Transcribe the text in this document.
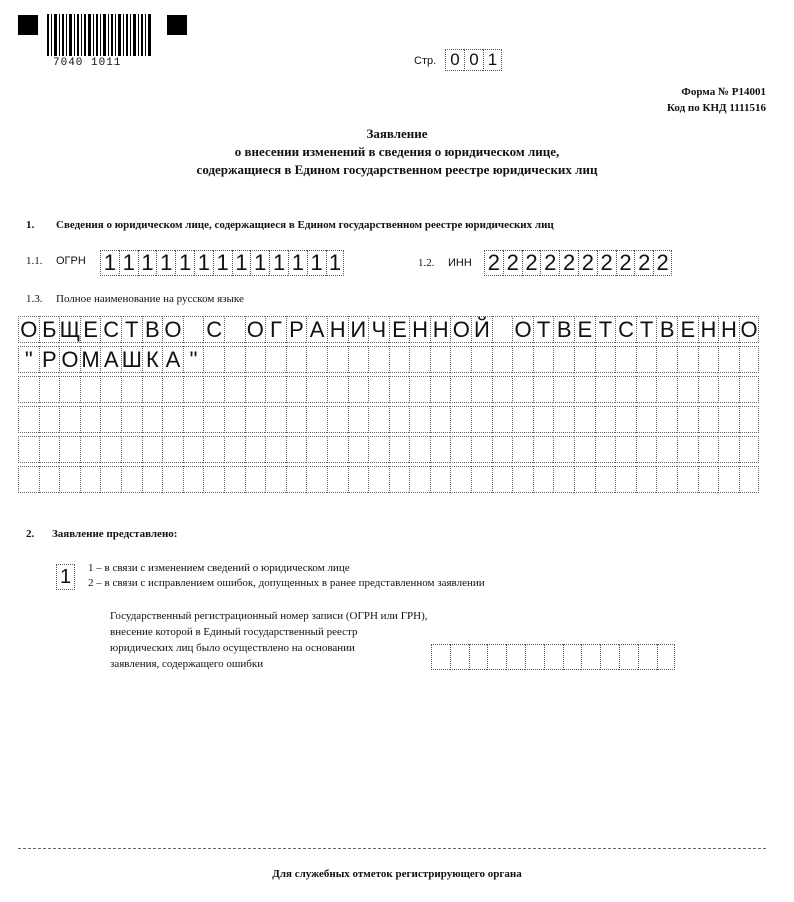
7040 1011	Стр. 0 0 1
Форма № Р14001
Код по КНД 1111516
Заявление
о внесении изменений в сведения о юридическом лице,
содержащиеся в Едином государственном реестре юридических лиц
1. Сведения о юридическом лице, содержащиеся в Едином государственном реестре юридических лиц
1.1. ОГРН 1 1 1 1 1 1 1 1 1 1 1 1 1	1.2. ИНН 2 2 2 2 2 2 2 2 2 2
1.3. Полное наименование на русском языке
О Б Щ Е С Т В О С О Г Р А Н И Ч Е Н Н О Й О Т В Е Т С Т В Е Н Н О
" Р О М А Ш К А "
2. Заявление представлено:
1	1 – в связи с изменением сведений о юридическом лице
2 – в связи с исправлением ошибок, допущенных в ранее представленном заявлении
Государственный регистрационный номер записи (ОГРН или ГРН),
внесение которой в Единый государственный реестр
юридических лиц было осуществлено на основании
заявления, содержащего ошибки
Для служебных отметок регистрирующего органа
